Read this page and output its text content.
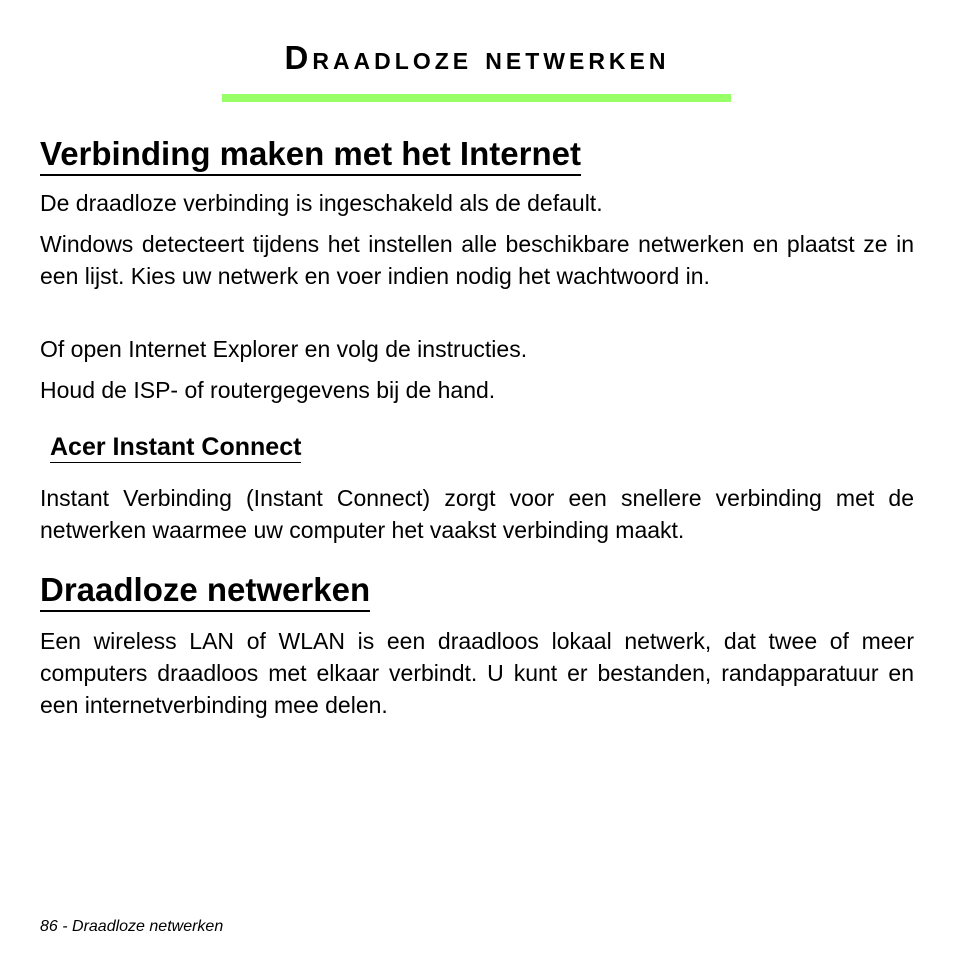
Draadloze netwerken
Verbinding maken met het Internet

De draadloze verbinding is ingeschakeld als de default.

Windows detecteert tijdens het instellen alle beschikbare netwerken en plaatst ze in een lijst. Kies uw netwerk en voer indien nodig het wachtwoord in.

Of open Internet Explorer en volg de instructies.

Houd de ISP- of routergegevens bij de hand.

Acer Instant Connect

Instant Verbinding (Instant Connect) zorgt voor een snellere verbinding met de netwerken waarmee uw computer het vaakst verbinding maakt.

Draadloze netwerken

Een wireless LAN of WLAN is een draadloos lokaal netwerk, dat twee of meer computers draadloos met elkaar verbindt. U kunt er bestanden, randapparatuur en een internetverbinding mee delen.

86 - Draadloze netwerken
